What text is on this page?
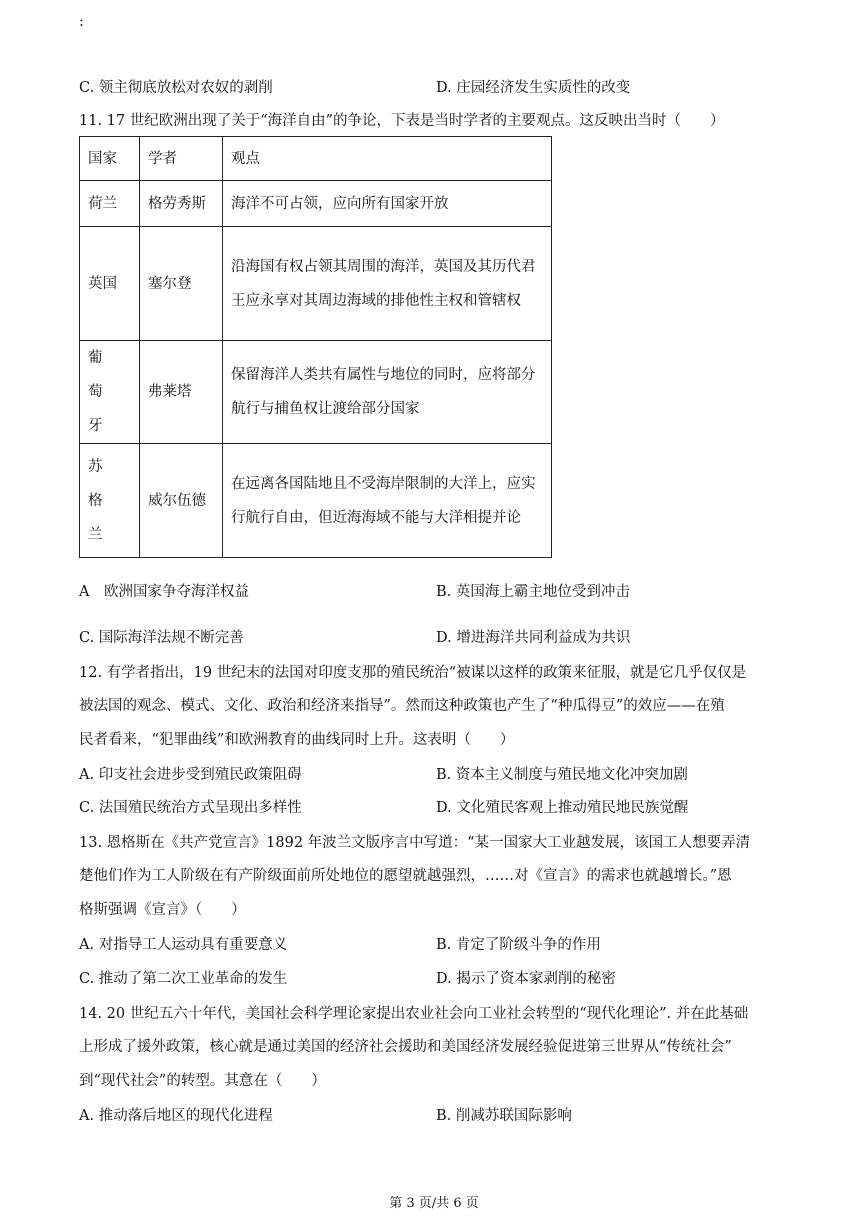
:
C. 领主彻底放松对农奴的剥削	D. 庄园经济发生实质性的改变
11. 17 世纪欧洲出现了关于“海洋自由”的争论，下表是当时学者的主要观点。这反映出当时（　　）
国家	学者	观点
荷兰	格劳秀斯	海洋不可占领，应向所有国家开放
英国	塞尔登	沿海国有权占领其周围的海洋，英国及其历代君王应永享对其周边海域的排他性主权和管辖权
葡萄牙	弗莱塔	保留海洋人类共有属性与地位的同时，应将部分航行与捕鱼权让渡给部分国家
苏格兰	威尔伍德	在远离各国陆地且不受海岸限制的大洋上，应实行航行自由，但近海海域不能与大洋相提并论
A　欧洲国家争夺海洋权益	B. 英国海上霸主地位受到冲击
C. 国际海洋法规不断完善	D. 增进海洋共同利益成为共识
12. 有学者指出，19 世纪末的法国对印度支那的殖民统治“被谋以这样的政策来征服，就是它几乎仅仅是
被法国的观念、模式、文化、政治和经济来指导”。然而这种政策也产生了“种瓜得豆”的效应——在殖
民者看来，“犯罪曲线”和欧洲教育的曲线同时上升。这表明（　　）
A. 印支社会进步受到殖民政策阻碍	B. 资本主义制度与殖民地文化冲突加剧
C. 法国殖民统治方式呈现出多样性	D. 文化殖民客观上推动殖民地民族觉醒
13. 恩格斯在《共产党宣言》1892 年波兰文版序言中写道：“某一国家大工业越发展，该国工人想要弄清
楚他们作为工人阶级在有产阶级面前所处地位的愿望就越强烈，……对《宣言》的需求也就越增长。”恩
格斯强调《宣言》（　　）
A. 对指导工人运动具有重要意义	B. 肯定了阶级斗争的作用
C. 推动了第二次工业革命的发生	D. 揭示了资本家剥削的秘密
14. 20 世纪五六十年代，美国社会科学理论家提出农业社会向工业社会转型的“现代化理论”. 并在此基础
上形成了援外政策，核心就是通过美国的经济社会援助和美国经济发展经验促进第三世界从“传统社会”
到“现代社会”的转型。其意在（　　）
A. 推动落后地区的现代化进程	B. 削减苏联国际影响
第 3 页/共 6 页
